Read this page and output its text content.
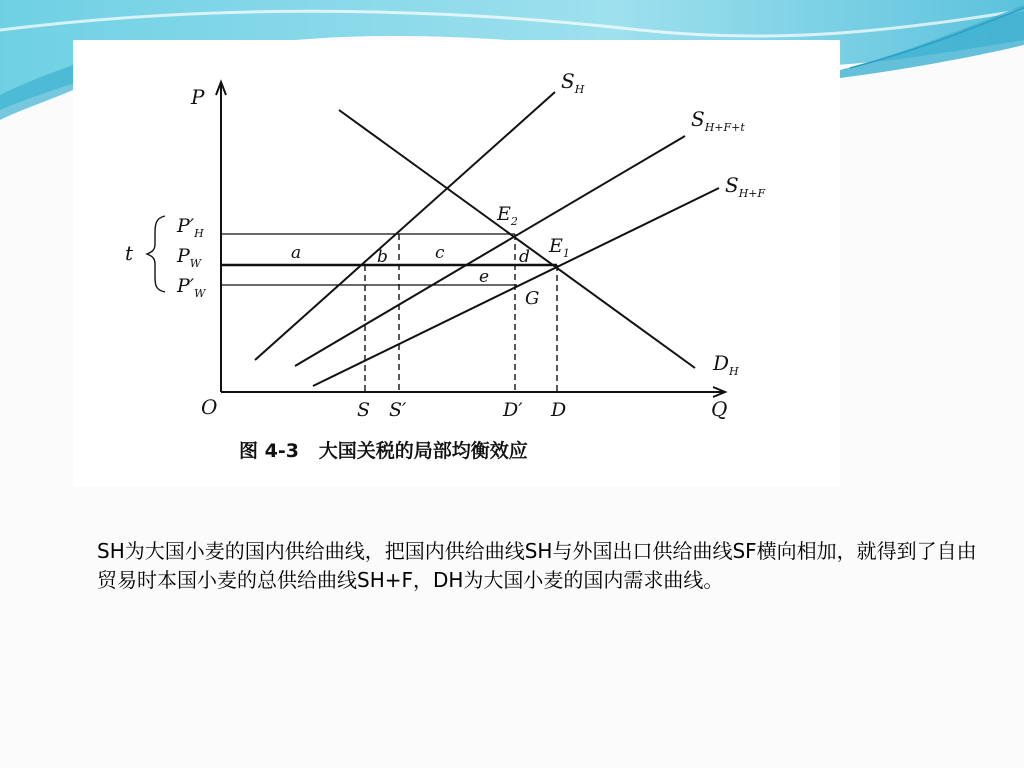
P
Q
O
$S_H$
$S_{H+F+t}$
$S_{H+F}$
$D_H$
$P'_H$
$P_W$
$P'_W$
t
$E_2$
$E_1$
G
a	b	c	d
e
S S′	D′ D
图 4-3   大国关税的局部均衡效应

SH为大国小麦的国内供给曲线，把国内供给曲线SH与外国出口供给曲线SF横向相加，就得到了自由贸易时本国小麦的总供给曲线SH+F，DH为大国小麦的国内需求曲线。
